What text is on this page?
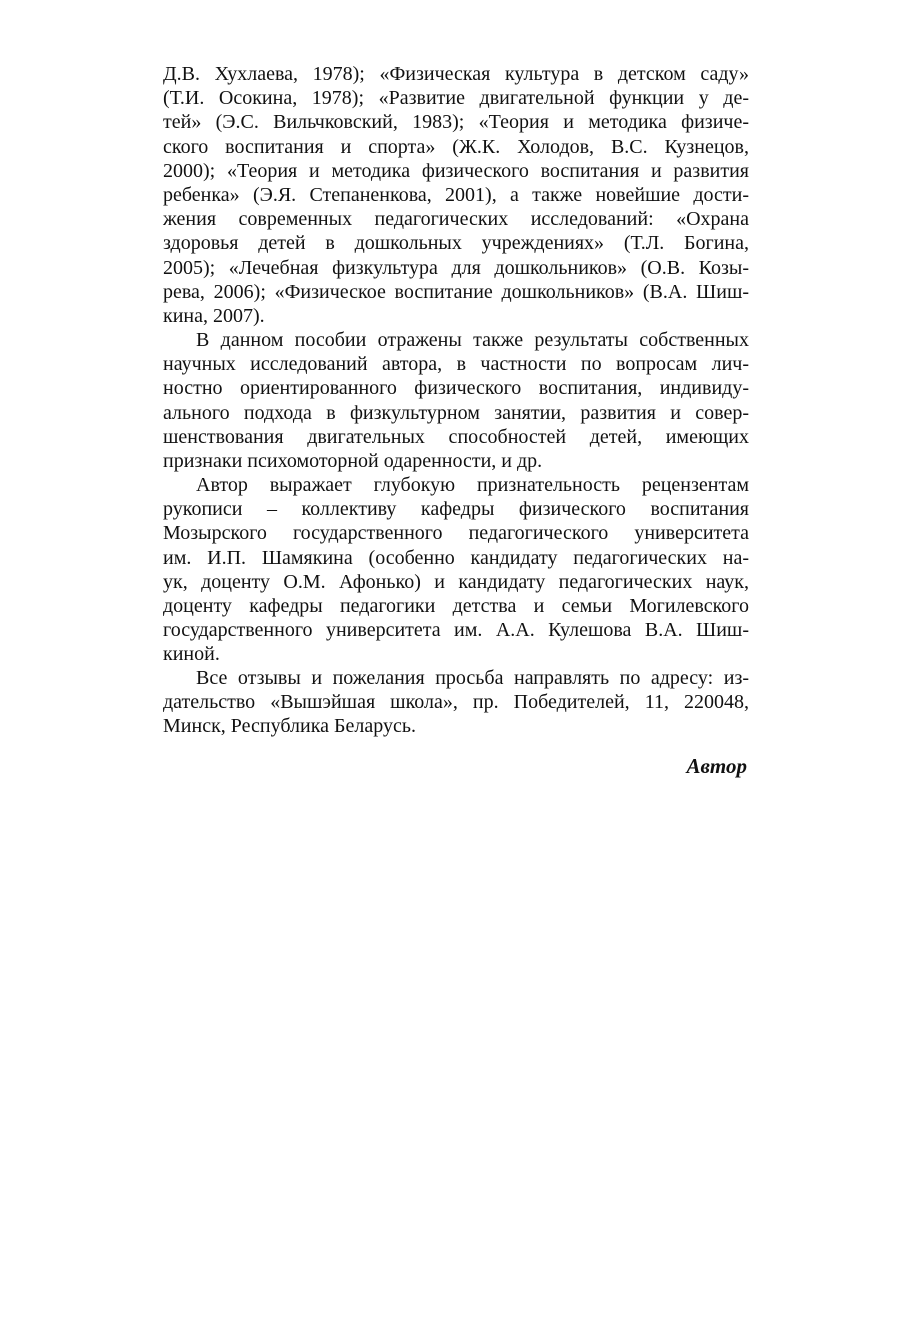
Д.В. Хухлаева, 1978); «Физическая культура в детском саду»
(Т.И. Осокина, 1978); «Развитие двигательной функции у де-
тей» (Э.С. Вильчковский, 1983); «Теория и методика физиче-
ского воспитания и спорта» (Ж.К. Холодов, В.С. Кузнецов,
2000); «Теория и методика физического воспитания и развития
ребенка» (Э.Я. Степаненкова, 2001), а также новейшие дости-
жения современных педагогических исследований: «Охрана
здоровья детей в дошкольных учреждениях» (Т.Л. Богина,
2005); «Лечебная физкультура для дошкольников» (О.В. Козы-
рева, 2006); «Физическое воспитание дошкольников» (В.А. Шиш-
кина, 2007).
В данном пособии отражены также результаты собственных
научных исследований автора, в частности по вопросам лич-
ностно ориентированного физического воспитания, индивиду-
ального подхода в физкультурном занятии, развития и совер-
шенствования двигательных способностей детей, имеющих
признаки психомоторной одаренности, и др.
Автор выражает глубокую признательность рецензентам
рукописи – коллективу кафедры физического воспитания
Мозырского государственного педагогического университета
им. И.П. Шамякина (особенно кандидату педагогических на-
ук, доценту О.М. Афонько) и кандидату педагогических наук,
доценту кафедры педагогики детства и семьи Могилевского
государственного университета им. А.А. Кулешова В.А. Шиш-
киной.
Все отзывы и пожелания просьба направлять по адресу: из-
дательство «Вышэйшая школа», пр. Победителей, 11, 220048,
Минск, Республика Беларусь.
Автор
